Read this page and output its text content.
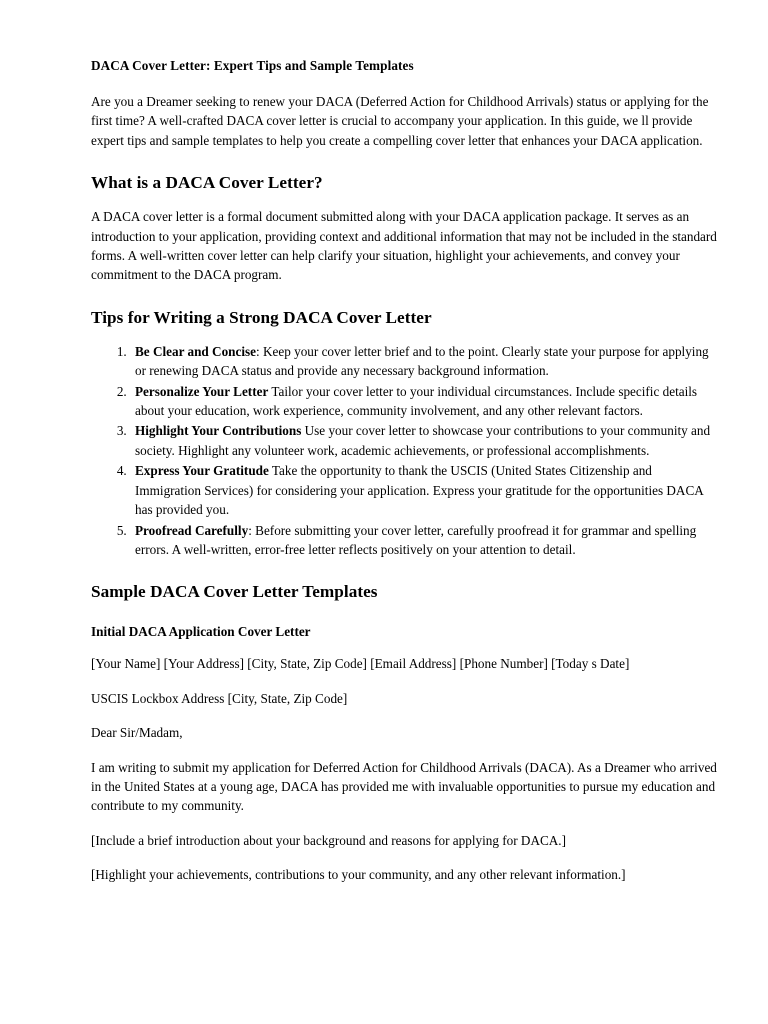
DACA Cover Letter: Expert Tips and Sample Templates

Are you a Dreamer seeking to renew your DACA (Deferred Action for Childhood Arrivals) status or applying for the first time? A well-crafted DACA cover letter is crucial to accompany your application. In this guide, we ll provide expert tips and sample templates to help you create a compelling cover letter that enhances your DACA application.

What is a DACA Cover Letter?

A DACA cover letter is a formal document submitted along with your DACA application package. It serves as an introduction to your application, providing context and additional information that may not be included in the standard forms. A well-written cover letter can help clarify your situation, highlight your achievements, and convey your commitment to the DACA program.

Tips for Writing a Strong DACA Cover Letter
1. Be Clear and Concise: Keep your cover letter brief and to the point. Clearly state your purpose for applying or renewing DACA status and provide any necessary background information.
2. Personalize Your Letter Tailor your cover letter to your individual circumstances. Include specific details about your education, work experience, community involvement, and any other relevant factors.
3. Highlight Your Contributions Use your cover letter to showcase your contributions to your community and society. Highlight any volunteer work, academic achievements, or professional accomplishments.
4. Express Your Gratitude Take the opportunity to thank the USCIS (United States Citizenship and Immigration Services) for considering your application. Express your gratitude for the opportunities DACA has provided you.
5. Proofread Carefully: Before submitting your cover letter, carefully proofread it for grammar and spelling errors. A well-written, error-free letter reflects positively on your attention to detail.
Sample DACA Cover Letter Templates
Initial DACA Application Cover Letter

[Your Name] [Your Address] [City, State, Zip Code] [Email Address] [Phone Number] [Today s Date]

USCIS Lockbox Address [City, State, Zip Code]

Dear Sir/Madam,

I am writing to submit my application for Deferred Action for Childhood Arrivals (DACA). As a Dreamer who arrived in the United States at a young age, DACA has provided me with invaluable opportunities to pursue my education and contribute to my community.

[Include a brief introduction about your background and reasons for applying for DACA.]

[Highlight your achievements, contributions to your community, and any other relevant information.]
